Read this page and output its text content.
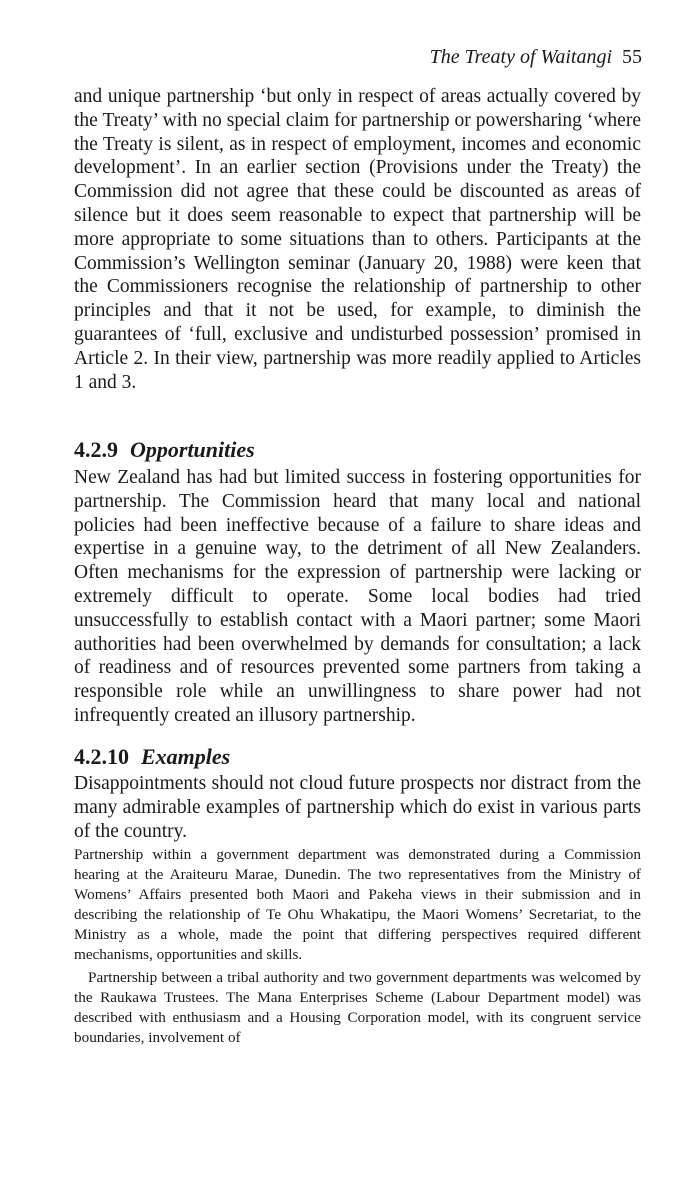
The Treaty of Waitangi 55

and unique partnership ‘but only in respect of areas actually covered by the Treaty’ with no special claim for partnership or powersharing ‘where the Treaty is silent, as in respect of employment, incomes and economic development’. In an earlier section (Provisions under the Treaty) the Commission did not agree that these could be discounted as areas of silence but it does seem reasonable to expect that partnership will be more appropriate to some situations than to others. Participants at the Commission’s Wellington seminar (January 20, 1988) were keen that the Commissioners recognise the relationship of partnership to other principles and that it not be used, for example, to diminish the guarantees of ‘full, exclusive and undisturbed possession’ promised in Article 2. In their view, partnership was more readily applied to Articles 1 and 3.

4.2.9 Opportunities

New Zealand has had but limited success in fostering opportunities for partnership. The Commission heard that many local and national policies had been ineffective because of a failure to share ideas and expertise in a genuine way, to the detriment of all New Zealanders. Often mechanisms for the expression of partnership were lacking or extremely difficult to operate. Some local bodies had tried unsuccessfully to establish contact with a Maori partner; some Maori authorities had been overwhelmed by demands for consultation; a lack of readiness and of resources prevented some partners from taking a responsible role while an unwillingness to share power had not infrequently created an illusory partnership.

4.2.10 Examples

Disappointments should not cloud future prospects nor distract from the many admirable examples of partnership which do exist in various parts of the country.

Partnership within a government department was demonstrated during a Commission hearing at the Araiteuru Marae, Dunedin. The two representatives from the Ministry of Womens’ Affairs presented both Maori and Pakeha views in their submission and in describing the relationship of Te Ohu Whakatipu, the Maori Womens’ Secretariat, to the Ministry as a whole, made the point that differing perspectives required different mechanisms, opportunities and skills.

Partnership between a tribal authority and two government departments was welcomed by the Raukawa Trustees. The Mana Enterprises Scheme (Labour Department model) was described with enthusiasm and a Housing Corporation model, with its congruent service boundaries, involvement of
